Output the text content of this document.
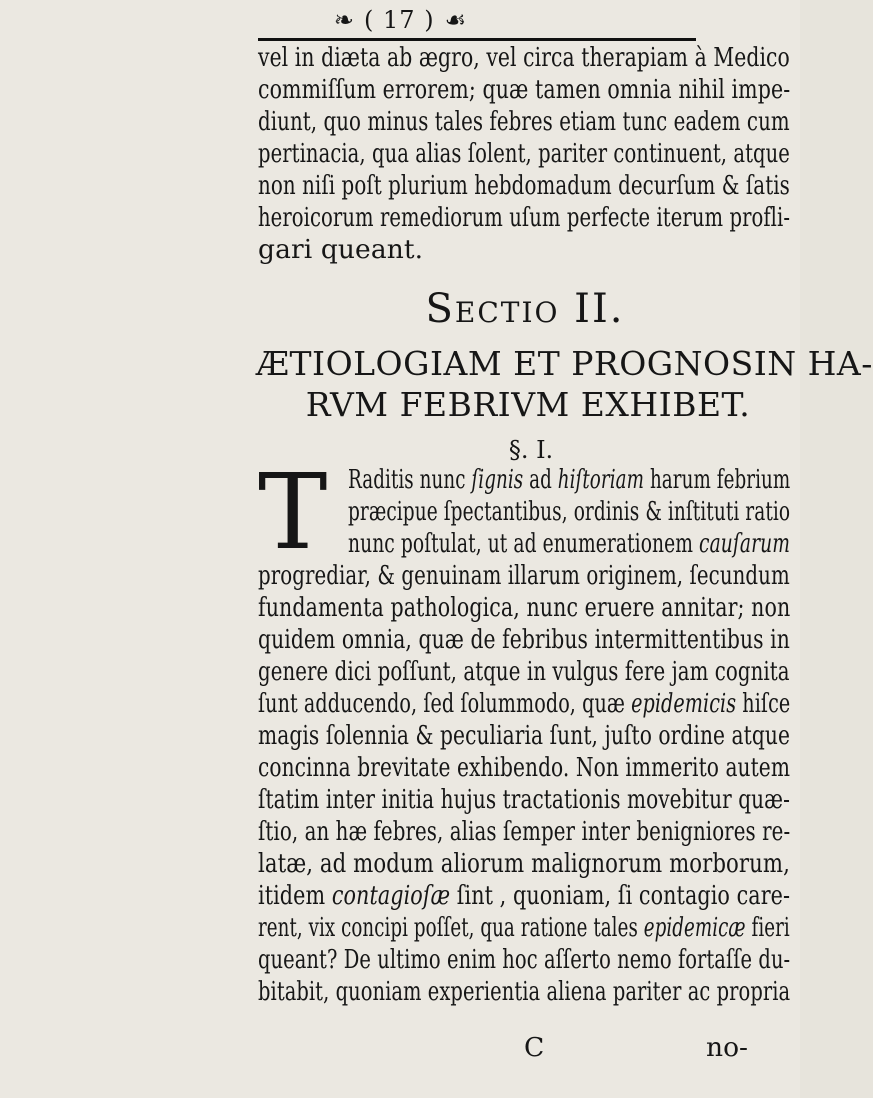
❧ ( 17 ) ☙
vel in diæta ab ægro, vel circa therapiam à Medico
commiſſum errorem; quæ tamen omnia nihil impe-
diunt, quo minus tales febres etiam tunc eadem cum
pertinacia, qua alias ſolent, pariter continuent, atque
non niſi poſt plurium hebdomadum decurſum & ſatis
heroicorum remediorum uſum perfecte iterum profli-
gari queant.
Sectio II.
ÆTIOLOGIAM ET PROGNOSIN HA-
RVM FEBRIVM EXHIBET.
§. I.
T Raditis nunc ſignis ad hiſtoriam harum febrium
præcipue ſpectantibus, ordinis & inſtituti ratio
nunc poſtulat, ut ad enumerationem cauſarum
progrediar, & genuinam illarum originem, ſecundum
fundamenta pathologica, nunc eruere annitar; non
quidem omnia, quæ de febribus intermittentibus in
genere dici poſſunt, atque in vulgus fere jam cognita
ſunt adducendo, ſed ſolummodo, quæ epidemicis hiſce
magis ſolennia & peculiaria ſunt, juſto ordine atque
concinna brevitate exhibendo. Non immerito autem
ſtatim inter initia hujus tractationis movebitur quæ-
ſtio, an hæ febres, alias ſemper inter benigniores re-
latæ, ad modum aliorum malignorum morborum,
itidem contagioſæ ſint , quoniam, ſi contagio care-
rent, vix concipi poſſet, qua ratione tales epidemicæ fieri
queant? De ultimo enim hoc aſſerto nemo fortaſſe du-
bitabit, quoniam experientia aliena pariter ac propria
C	no-
